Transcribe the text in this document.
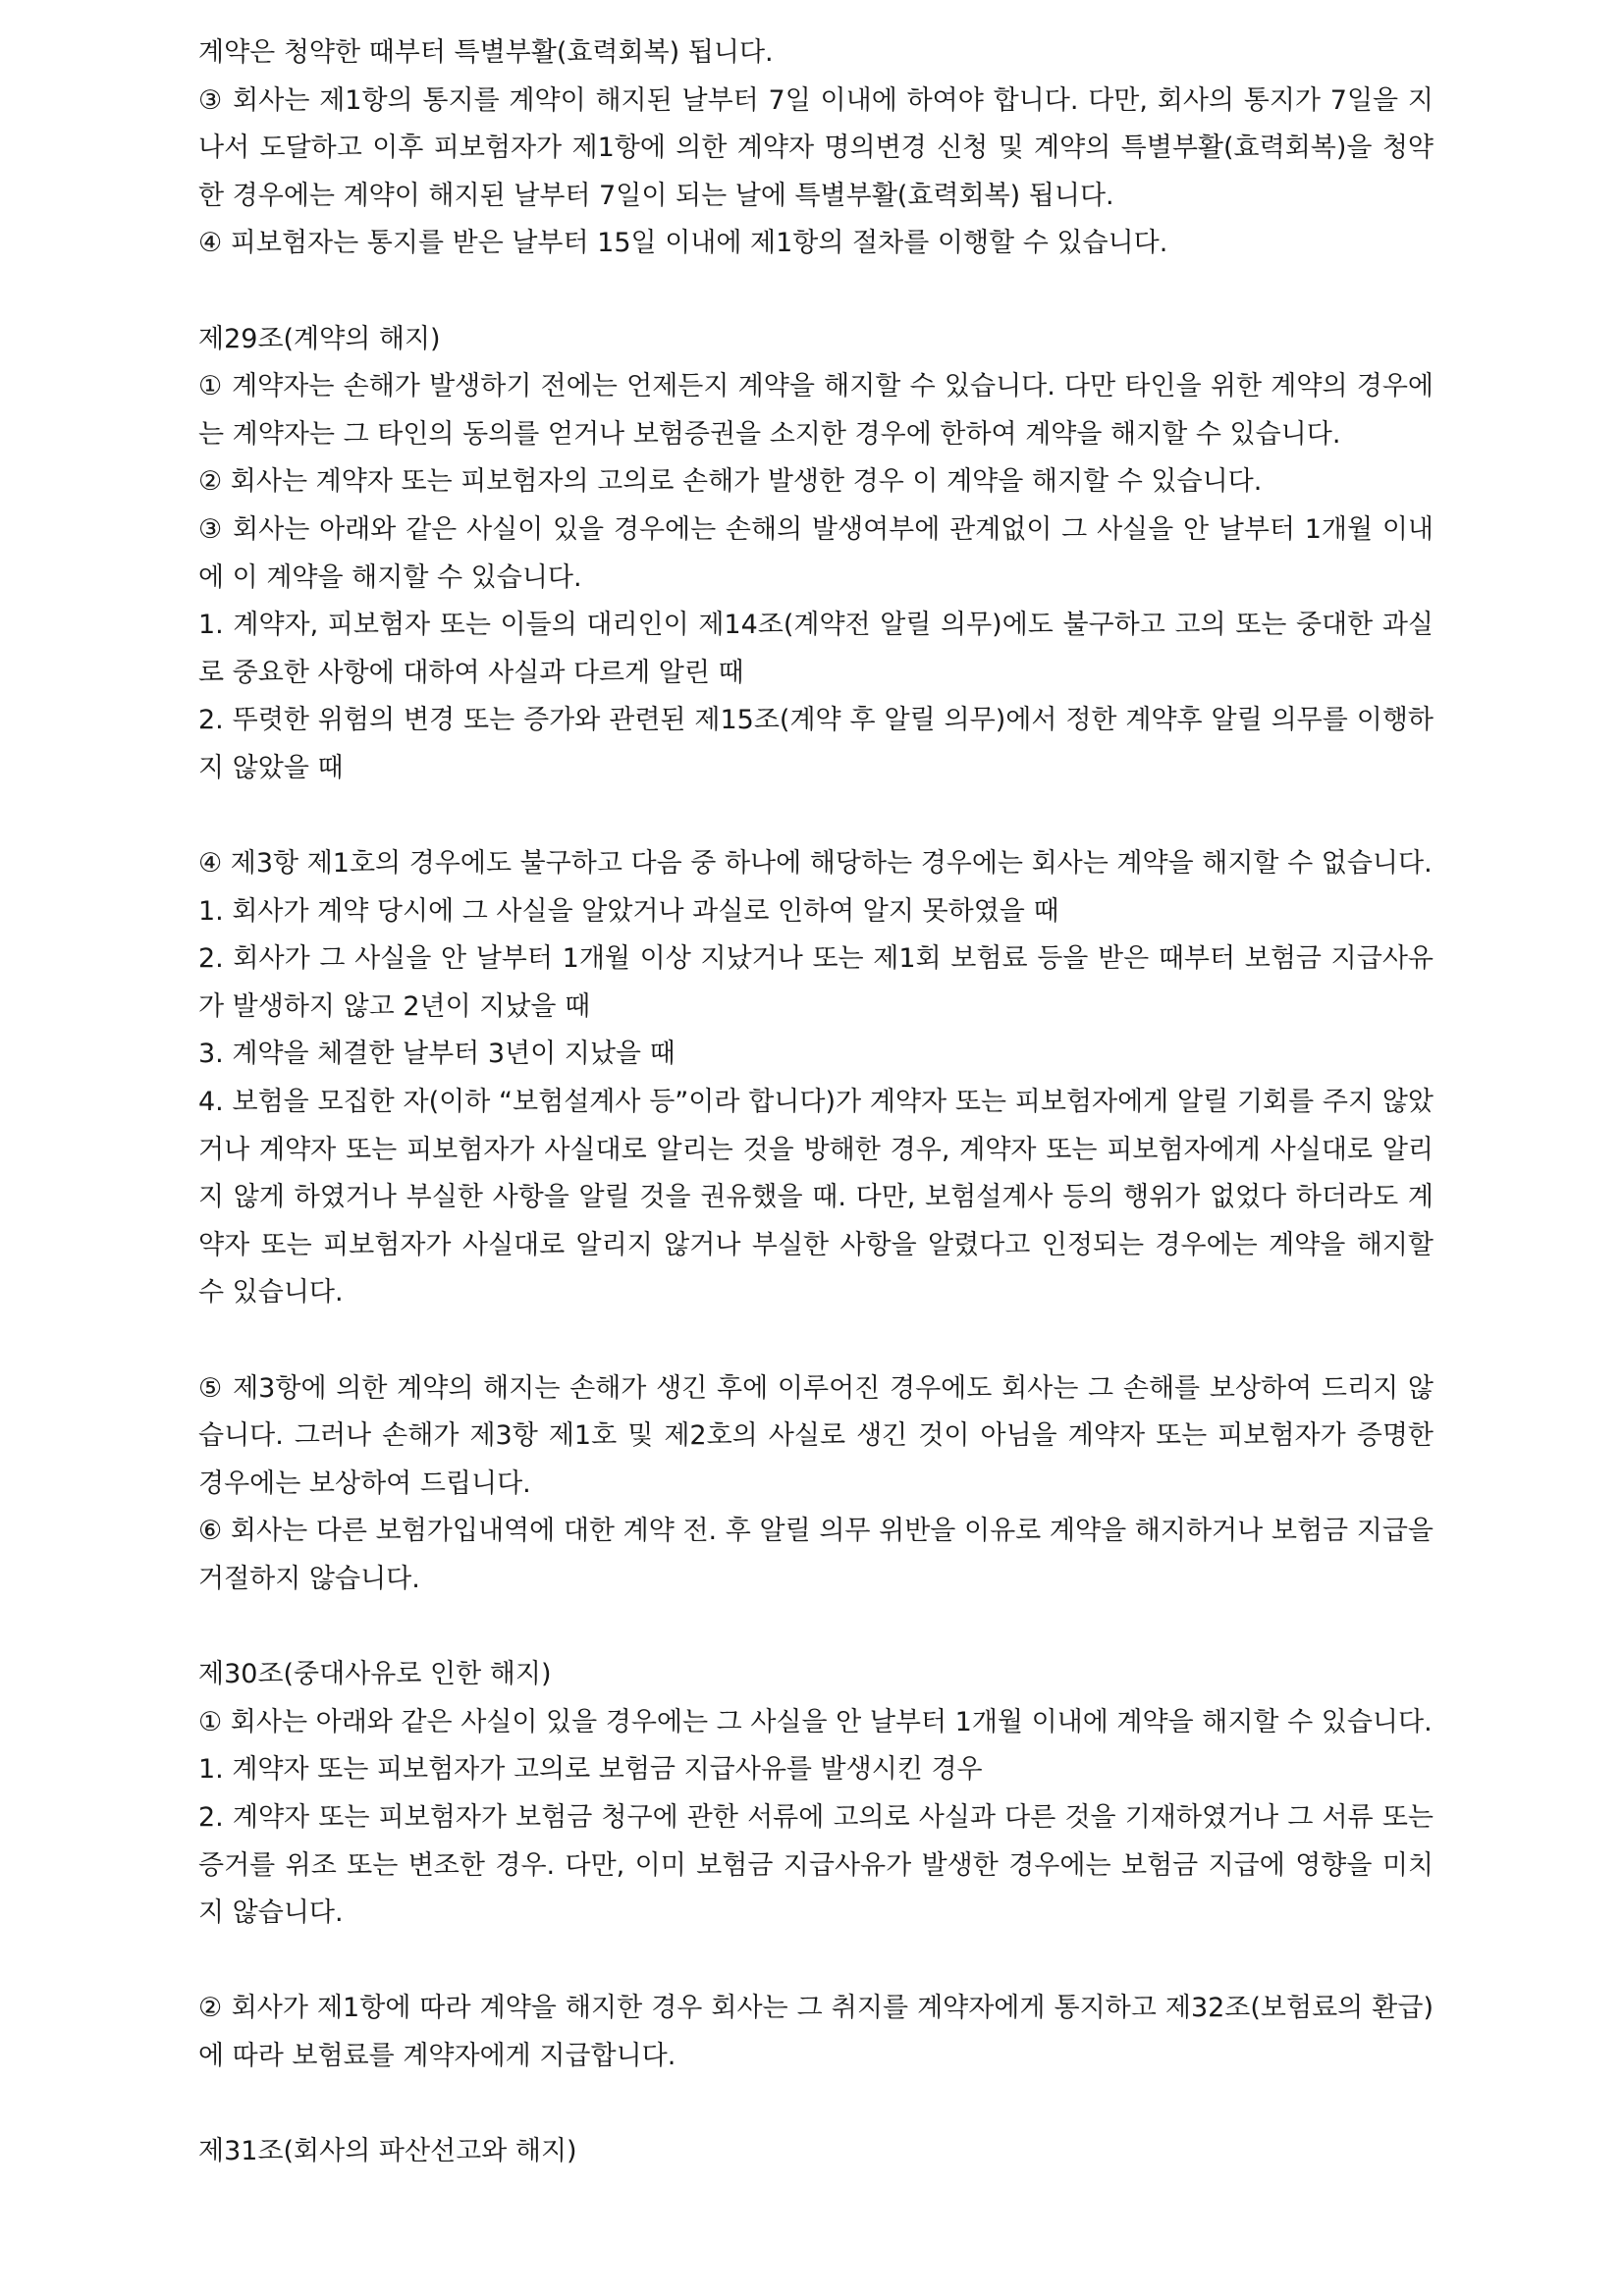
계약은 청약한 때부터 특별부활(효력회복) 됩니다.

③ 회사는 제1항의 통지를 계약이 해지된 날부터 7일 이내에 하여야 합니다. 다만, 회사의 통지가 7일을 지나서 도달하고 이후 피보험자가 제1항에 의한 계약자 명의변경 신청 및 계약의 특별부활(효력회복)을 청약한 경우에는 계약이 해지된 날부터 7일이 되는 날에 특별부활(효력회복) 됩니다.

④ 피보험자는 통지를 받은 날부터 15일 이내에 제1항의 절차를 이행할 수 있습니다.

제29조(계약의 해지)

① 계약자는 손해가 발생하기 전에는 언제든지 계약을 해지할 수 있습니다. 다만 타인을 위한 계약의 경우에는 계약자는 그 타인의 동의를 얻거나 보험증권을 소지한 경우에 한하여 계약을 해지할 수 있습니다.

② 회사는 계약자 또는 피보험자의 고의로 손해가 발생한 경우 이 계약을 해지할 수 있습니다.

③ 회사는 아래와 같은 사실이 있을 경우에는 손해의 발생여부에 관계없이 그 사실을 안 날부터 1개월 이내에 이 계약을 해지할 수 있습니다.

1. 계약자, 피보험자 또는 이들의 대리인이 제14조(계약전 알릴 의무)에도 불구하고 고의 또는 중대한 과실로 중요한 사항에 대하여 사실과 다르게 알린 때

2. 뚜렷한 위험의 변경 또는 증가와 관련된 제15조(계약 후 알릴 의무)에서 정한 계약후 알릴 의무를 이행하지 않았을 때

④ 제3항 제1호의 경우에도 불구하고 다음 중 하나에 해당하는 경우에는 회사는 계약을 해지할 수 없습니다.

1. 회사가 계약 당시에 그 사실을 알았거나 과실로 인하여 알지 못하였을 때

2. 회사가 그 사실을 안 날부터 1개월 이상 지났거나 또는 제1회 보험료 등을 받은 때부터 보험금 지급사유가 발생하지 않고 2년이 지났을 때

3. 계약을 체결한 날부터 3년이 지났을 때

4. 보험을 모집한 자(이하 “보험설계사 등”이라 합니다)가 계약자 또는 피보험자에게 알릴 기회를 주지 않았거나 계약자 또는 피보험자가 사실대로 알리는 것을 방해한 경우, 계약자 또는 피보험자에게 사실대로 알리지 않게 하였거나 부실한 사항을 알릴 것을 권유했을 때. 다만, 보험설계사 등의 행위가 없었다 하더라도 계약자 또는 피보험자가 사실대로 알리지 않거나 부실한 사항을 알렸다고 인정되는 경우에는 계약을 해지할 수 있습니다.

⑤ 제3항에 의한 계약의 해지는 손해가 생긴 후에 이루어진 경우에도 회사는 그 손해를 보상하여 드리지 않습니다. 그러나 손해가 제3항 제1호 및 제2호의 사실로 생긴 것이 아님을 계약자 또는 피보험자가 증명한 경우에는 보상하여 드립니다.

⑥ 회사는 다른 보험가입내역에 대한 계약 전. 후 알릴 의무 위반을 이유로 계약을 해지하거나 보험금 지급을 거절하지 않습니다.

제30조(중대사유로 인한 해지)

① 회사는 아래와 같은 사실이 있을 경우에는 그 사실을 안 날부터 1개월 이내에 계약을 해지할 수 있습니다.

1. 계약자 또는 피보험자가 고의로 보험금 지급사유를 발생시킨 경우

2. 계약자 또는 피보험자가 보험금 청구에 관한 서류에 고의로 사실과 다른 것을 기재하였거나 그 서류 또는 증거를 위조 또는 변조한 경우. 다만, 이미 보험금 지급사유가 발생한 경우에는 보험금 지급에 영향을 미치지 않습니다.

② 회사가 제1항에 따라 계약을 해지한 경우 회사는 그 취지를 계약자에게 통지하고 제32조(보험료의 환급)에 따라 보험료를 계약자에게 지급합니다.

제31조(회사의 파산선고와 해지)
